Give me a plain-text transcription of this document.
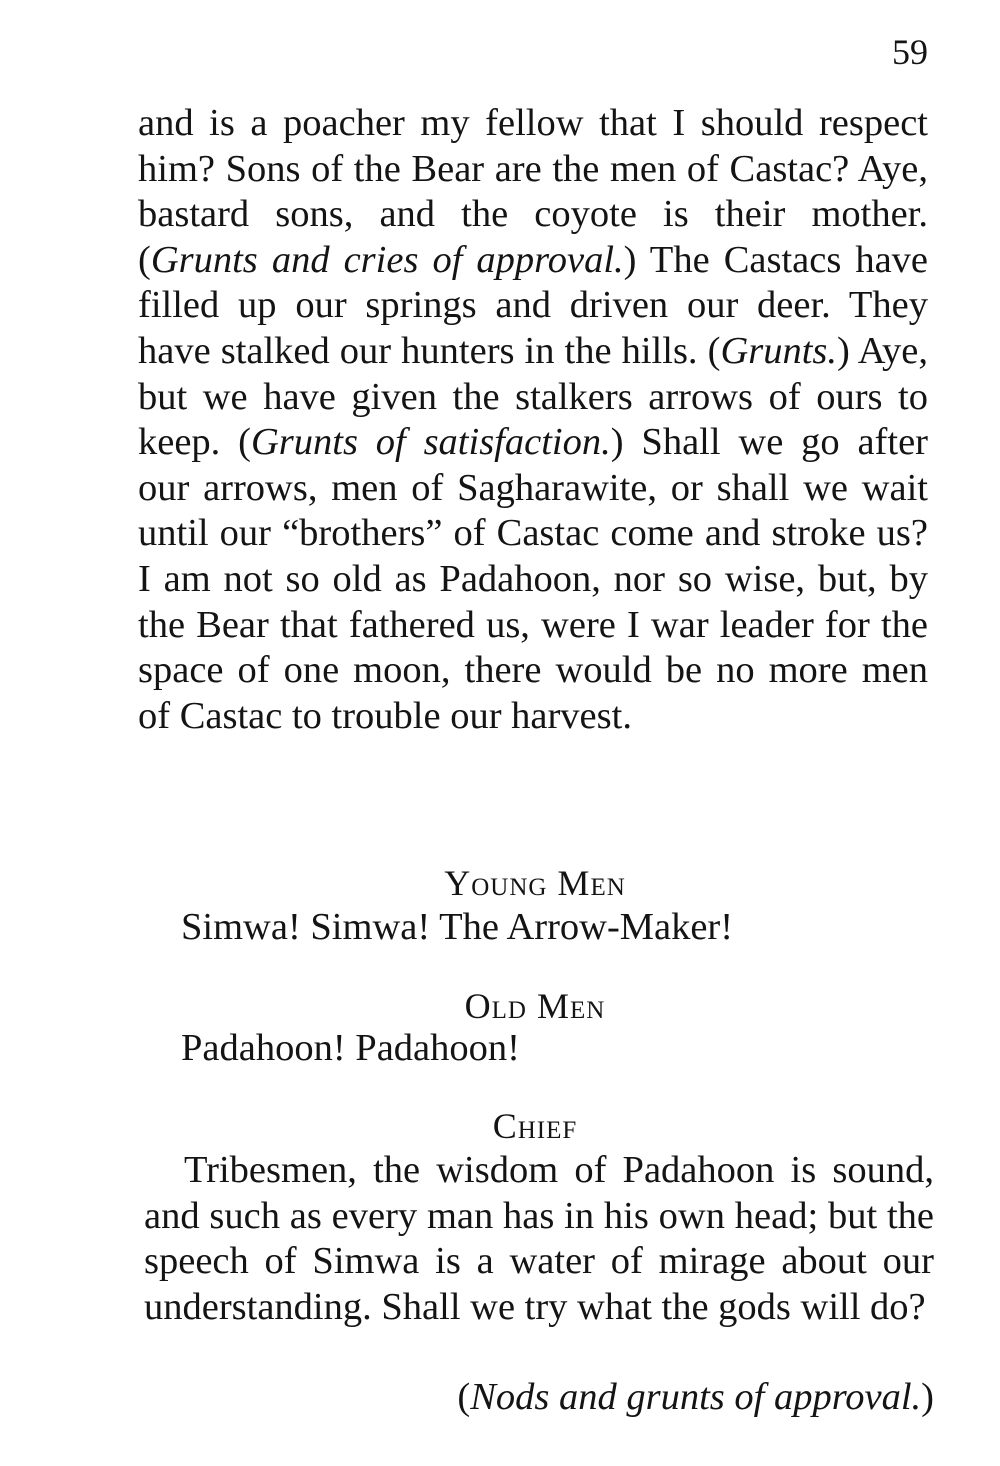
59

and is a poacher my fellow that I should respect him? Sons of the Bear are the men of Castac? Aye, bastard sons, and the coyote is their mother. (Grunts and cries of approval.) The Castacs have filled up our springs and driven our deer. They have stalked our hunters in the hills. (Grunts.) Aye, but we have given the stalkers arrows of ours to keep. (Grunts of satisfaction.) Shall we go after our arrows, men of Sagharawite, or shall we wait until our “brothers” of Castac come and stroke us? I am not so old as Padahoon, nor so wise, but, by the Bear that fathered us, were I war leader for the space of one moon, there would be no more men of Castac to trouble our harvest.

Young Men

Simwa! Simwa! The Arrow-Maker!

Old Men

Padahoon! Padahoon!

Chief

Tribesmen, the wisdom of Padahoon is sound, and such as every man has in his own head; but the speech of Simwa is a water of mirage about our understanding. Shall we try what the gods will do?

(Nods and grunts of approval.)
